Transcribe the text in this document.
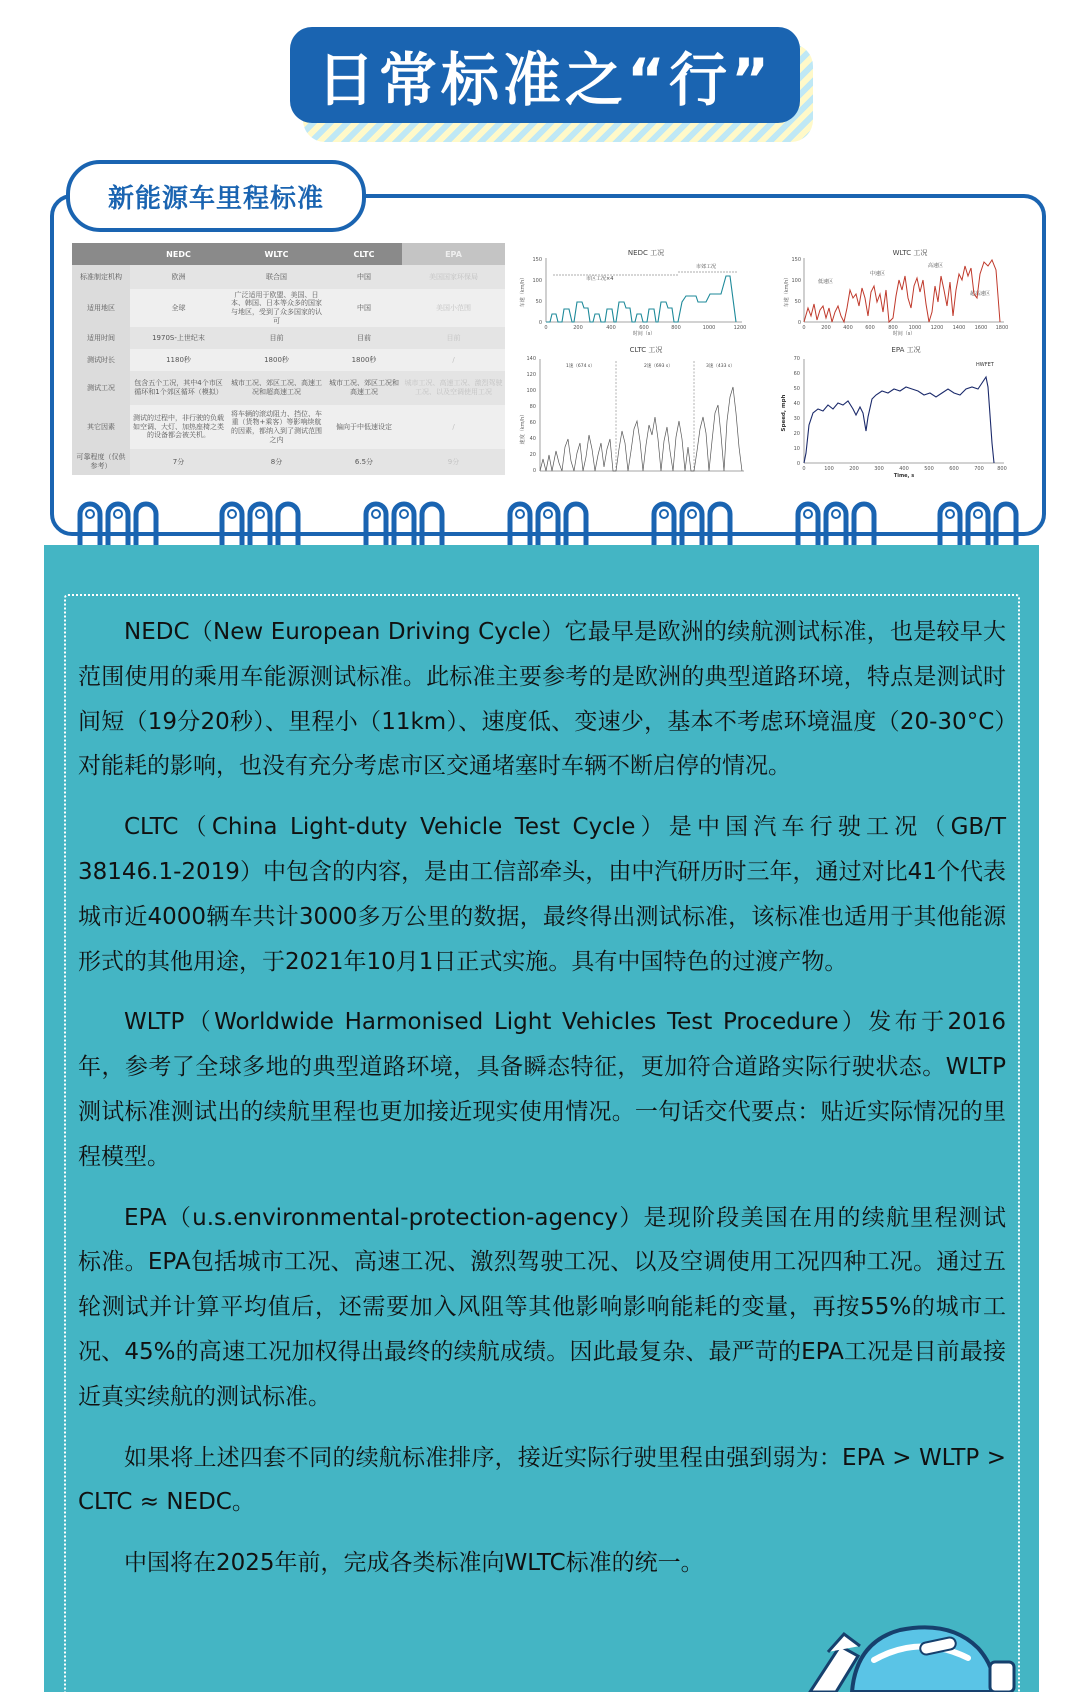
日常标准之“行”
新能源车里程标准
	NEDC	WLTC	CLTC	EPA
标准制定机构	欧洲	联合国	中国	美国国家环保局
适用地区	全球	广泛适用于欧盟、美国、日本、韩国、日本等众多的国家与地区，受到了众多国家的认可	中国	美国小范围
适用时间	1970S-上世纪末	目前	目前	目前
测试时长	1180秒	1800秒	1800秒	/
测试工况	包含五个工况，其中4个市区循环和1个郊区循环（模拟）	城市工况、郊区工况、高速工况和超高速工况	城市工况、郊区工况和高速工况	城市工况、高速工况、激烈驾驶工况、以及空调使用工况
其它因素	测试的过程中，非行驶的负载如空调、大灯、加热座椅之类的设备都会被关机。	将车辆的滚动阻力、挡位、车重（货物+乘客）等影响续航的因素，都纳入到了测试范围之内	偏向于中低速设定	/
可靠程度（仅供参考）	7分	8分	6.5分	9分
NEDC 工况
车速（km/h）
0
50
100
150
0	200	400	600	800	1000	1200
时间（s）
市区工况×4
市郊工况
WLTC 工况
车速（km/h）
0
50
100
150
0	200 400 600	800 1000 1200 1400 1600 1800
时间（s）
低速区
中速区
高速区
超高速区
CLTC 工况
速度（km/h）
0
20
40
60
80
100
120
140
1速（674 s）	2速（693 s）	3速（433 s）
EPA 工况
Speed, mph
0
10
20
30
40
50
60
70
0	100	200	300	400	500	600	700	800
Time, s
HWFET

NEDC（New European Driving Cycle）它最早是欧洲的续航测试标准，也是较早大范围使用的乘用车能源测试标准。此标准主要参考的是欧洲的典型道路环境，特点是测试时间短（19分20秒）、里程小（11km）、速度低、变速少，基本不考虑环境温度（20-30°C）对能耗的影响，也没有充分考虑市区交通堵塞时车辆不断启停的情况。

CLTC（China Light-duty Vehicle Test Cycle）是中国汽车行驶工况（GB/T 38146.1-2019）中包含的内容，是由工信部牵头，由中汽研历时三年，通过对比41个代表城市近4000辆车共计3000多万公里的数据，最终得出测试标准，该标准也适用于其他能源形式的其他用途，于2021年10月1日正式实施。具有中国特色的过渡产物。

WLTP（Worldwide Harmonised Light Vehicles Test Procedure）发布于2016年，参考了全球多地的典型道路环境，具备瞬态特征，更加符合道路实际行驶状态。WLTP测试标准测试出的续航里程也更加接近现实使用情况。一句话交代要点：贴近实际情况的里程模型。

EPA（u.s.environmental-protection-agency）是现阶段美国在用的续航里程测试标准。EPA包括城市工况、高速工况、激烈驾驶工况、以及空调使用工况四种工况。通过五轮测试并计算平均值后，还需要加入风阻等其他影响影响能耗的变量，再按55%的城市工况、45%的高速工况加权得出最终的续航成绩。因此最复杂、最严苛的EPA工况是目前最接近真实续航的测试标准。

如果将上述四套不同的续航标准排序，接近实际行驶里程由强到弱为：EPA > WLTP > CLTC ≈ NEDC。

中国将在2025年前，完成各类标准向WLTC标准的统一。
